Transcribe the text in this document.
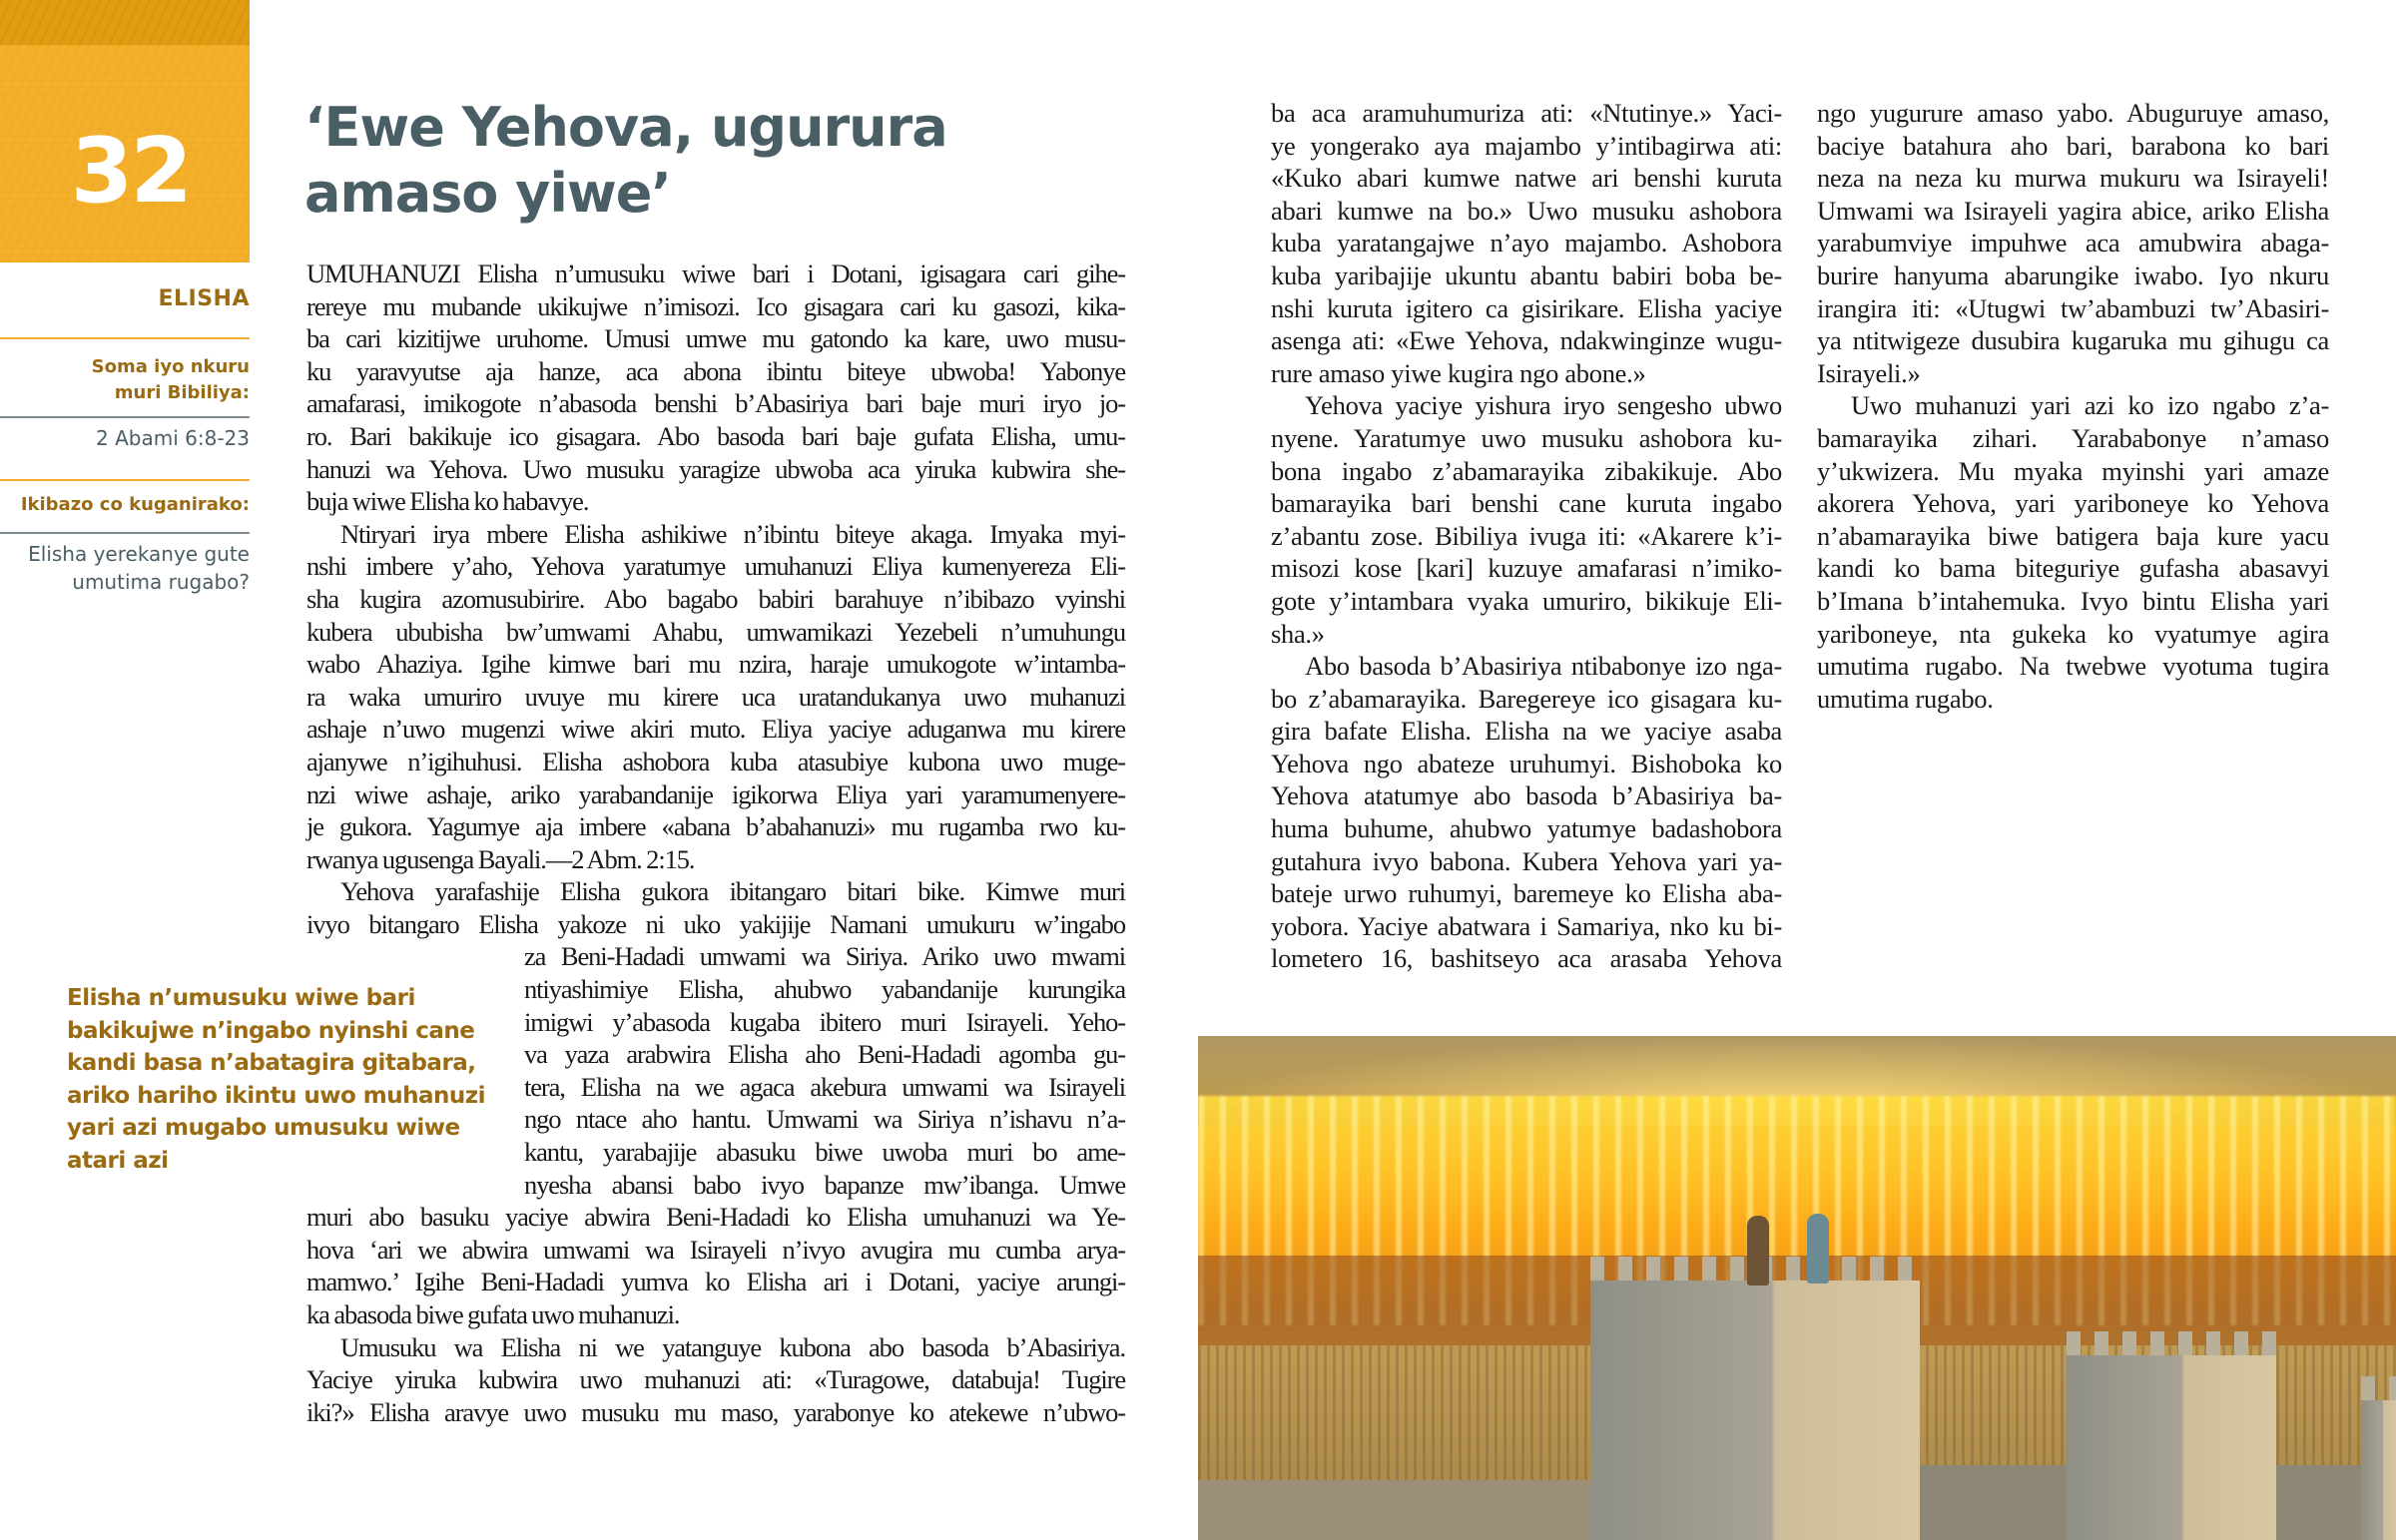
32
ELISHA
Soma iyo nkuru
muri Bibiliya:
2 Abami 6:8-23
Ikibazo co kuganirako:
Elisha yerekanye gute
umutima rugabo?
‘Ewe Yehova, ugurura
amaso yiwe’
UMUHANUZI Elisha n’umusuku wiwe bari i Dotani, igisagara cari gihe-
rereye mu mubande ukikujwe n’imisozi. Ico gisagara cari ku gasozi, kika-
ba cari kizitijwe uruhome. Umusi umwe mu gatondo ka kare, uwo musu-
ku yaravyutse aja hanze, aca abona ibintu biteye ubwoba! Yabonye
amafarasi, imikogote n’abasoda benshi b’Abasiriya bari baje muri iryo jo-
ro. Bari bakikuje ico gisagara. Abo basoda bari baje gufata Elisha, umu-
hanuzi wa Yehova. Uwo musuku yaragize ubwoba aca yiruka kubwira she-
buja wiwe Elisha ko habavye.
Ntiryari irya mbere Elisha ashikiwe n’ibintu biteye akaga. Imyaka myi-
nshi imbere y’aho, Yehova yaratumye umuhanuzi Eliya kumenyereza Eli-
sha kugira azomusubirire. Abo bagabo babiri barahuye n’ibibazo vyinshi
kubera ububisha bw’umwami Ahabu, umwamikazi Yezebeli n’umuhungu
wabo Ahaziya. Igihe kimwe bari mu nzira, haraje umukogote w’intamba-
ra waka umuriro uvuye mu kirere uca uratandukanya uwo muhanuzi
ashaje n’uwo mugenzi wiwe akiri muto. Eliya yaciye aduganwa mu kirere
ajanywe n’igihuhusi. Elisha ashobora kuba atasubiye kubona uwo muge-
nzi wiwe ashaje, ariko yarabandanije igikorwa Eliya yari yaramumenyere-
je gukora. Yagumye aja imbere «abana b’abahanuzi» mu rugamba rwo ku-
rwanya ugusenga Bayali.—2 Abm. 2:15.
Yehova yarafashije Elisha gukora ibitangaro bitari bike. Kimwe muri
ivyo bitangaro Elisha yakoze ni uko yakijije Namani umukuru w’ingabo
za Beni-Hadadi umwami wa Siriya. Ariko uwo mwami
ntiyashimiye Elisha, ahubwo yabandanije kurungika
imigwi y’abasoda kugaba ibitero muri Isirayeli. Yeho-
va yaza arabwira Elisha aho Beni-Hadadi agomba gu-
tera, Elisha na we agaca akebura umwami wa Isirayeli
ngo ntace aho hantu. Umwami wa Siriya n’ishavu n’a-
kantu, yarabajije abasuku biwe uwoba muri bo ame-
nyesha abansi babo ivyo bapanze mw’ibanga. Umwe
muri abo basuku yaciye abwira Beni-Hadadi ko Elisha umuhanuzi wa Ye-
hova ‘ari we abwira umwami wa Isirayeli n’ivyo avugira mu cumba arya-
mamwo.’ Igihe Beni-Hadadi yumva ko Elisha ari i Dotani, yaciye arungi-
ka abasoda biwe gufata uwo muhanuzi.
Umusuku wa Elisha ni we yatanguye kubona abo basoda b’Abasiriya.
Yaciye yiruka kubwira uwo muhanuzi ati: «Turagowe, databuja! Tugire
iki?» Elisha aravye uwo musuku mu maso, yarabonye ko atekewe n’ubwo-
ba aca aramuhumuriza ati: «Ntutinye.» Yaci-
ye yongerako aya majambo y’intibagirwa ati:
«Kuko abari kumwe natwe ari benshi kuruta
abari kumwe na bo.» Uwo musuku ashobora
kuba yaratangajwe n’ayo majambo. Ashobora
kuba yaribajije ukuntu abantu babiri boba be-
nshi kuruta igitero ca gisirikare. Elisha yaciye
asenga ati: «Ewe Yehova, ndakwinginze wugu-
rure amaso yiwe kugira ngo abone.»
Yehova yaciye yishura iryo sengesho ubwo
nyene. Yaratumye uwo musuku ashobora ku-
bona ingabo z’abamarayika zibakikuje. Abo
bamarayika bari benshi cane kuruta ingabo
z’abantu zose. Bibiliya ivuga iti: «Akarere k’i-
misozi kose [kari] kuzuye amafarasi n’imiko-
gote y’intambara vyaka umuriro, bikikuje Eli-
sha.»
Abo basoda b’Abasiriya ntibabonye izo nga-
bo z’abamarayika. Baregereye ico gisagara ku-
gira bafate Elisha. Elisha na we yaciye asaba
Yehova ngo abateze uruhumyi. Bishoboka ko
Yehova atatumye abo basoda b’Abasiriya ba-
huma buhume, ahubwo yatumye badashobora
gutahura ivyo babona. Kubera Yehova yari ya-
bateje urwo ruhumyi, baremeye ko Elisha aba-
yobora. Yaciye abatwara i Samariya, nko ku bi-
lometero 16, bashitseyo aca arasaba Yehova
ngo yugurure amaso yabo. Abuguruye amaso,
baciye batahura aho bari, barabona ko bari
neza na neza ku murwa mukuru wa Isirayeli!
Umwami wa Isirayeli yagira abice, ariko Elisha
yarabumviye impuhwe aca amubwira abaga-
burire hanyuma abarungike iwabo. Iyo nkuru
irangira iti: «Utugwi tw’abambuzi tw’Abasiri-
ya ntitwigeze dusubira kugaruka mu gihugu ca
Isirayeli.»
Uwo muhanuzi yari azi ko izo ngabo z’a-
bamarayika zihari. Yarababonye n’amaso
y’ukwizera. Mu myaka myinshi yari amaze
akorera Yehova, yari yariboneye ko Yehova
n’abamarayika biwe batigera baja kure yacu
kandi ko bama biteguriye gufasha abasavyi
b’Imana b’intahemuka. Ivyo bintu Elisha yari
yariboneye, nta gukeka ko vyatumye agira
umutima rugabo. Na twebwe vyotuma tugira
umutima rugabo.
Elisha n’umusuku wiwe bari
bakikujwe n’ingabo nyinshi cane
kandi basa n’abatagira gitabara,
ariko hariho ikintu uwo muhanuzi
yari azi mugabo umusuku wiwe
atari azi
